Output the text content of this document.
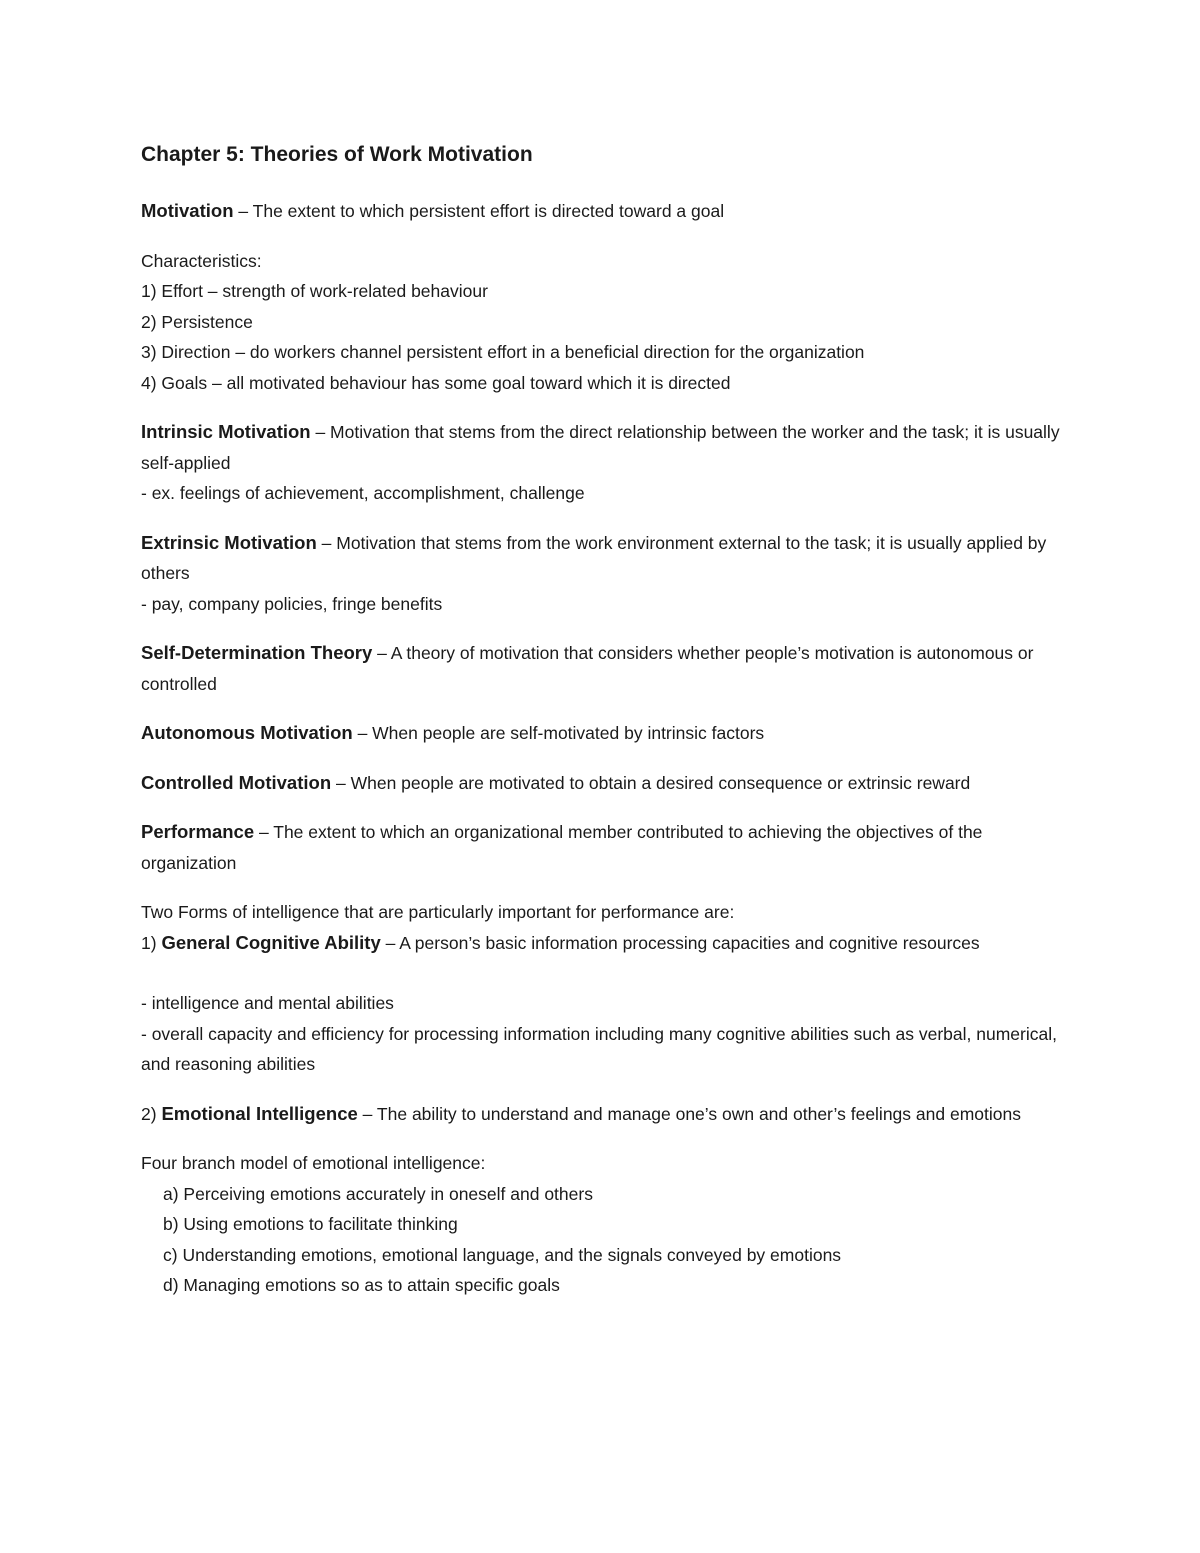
Chapter 5: Theories of Work Motivation

Motivation – The extent to which persistent effort is directed toward a goal

Characteristics:

1) Effort – strength of work-related behaviour

2) Persistence

3) Direction – do workers channel persistent effort in a beneficial direction for the organization

4) Goals – all motivated behaviour has some goal toward which it is directed

Intrinsic Motivation – Motivation that stems from the direct relationship between the worker and the task; it is usually self-applied

- ex. feelings of achievement, accomplishment, challenge

Extrinsic Motivation – Motivation that stems from the work environment external to the task; it is usually applied by others

- pay, company policies, fringe benefits

Self-Determination Theory – A theory of motivation that considers whether people’s motivation is autonomous or controlled

Autonomous Motivation – When people are self-motivated by intrinsic factors

Controlled Motivation – When people are motivated to obtain a desired consequence or extrinsic reward

Performance – The extent to which an organizational member contributed to achieving the objectives of the organization

Two Forms of intelligence that are particularly important for performance are:

1) General Cognitive Ability – A person’s basic information processing capacities and cognitive resources

- intelligence and mental abilities

- overall capacity and efficiency for processing information including many cognitive abilities such as verbal, numerical, and reasoning abilities

2) Emotional Intelligence – The ability to understand and manage one’s own and other’s feelings and emotions

Four branch model of emotional intelligence:

a) Perceiving emotions accurately in oneself and others

b) Using emotions to facilitate thinking

c) Understanding emotions, emotional language, and the signals conveyed by emotions

d) Managing emotions so as to attain specific goals
